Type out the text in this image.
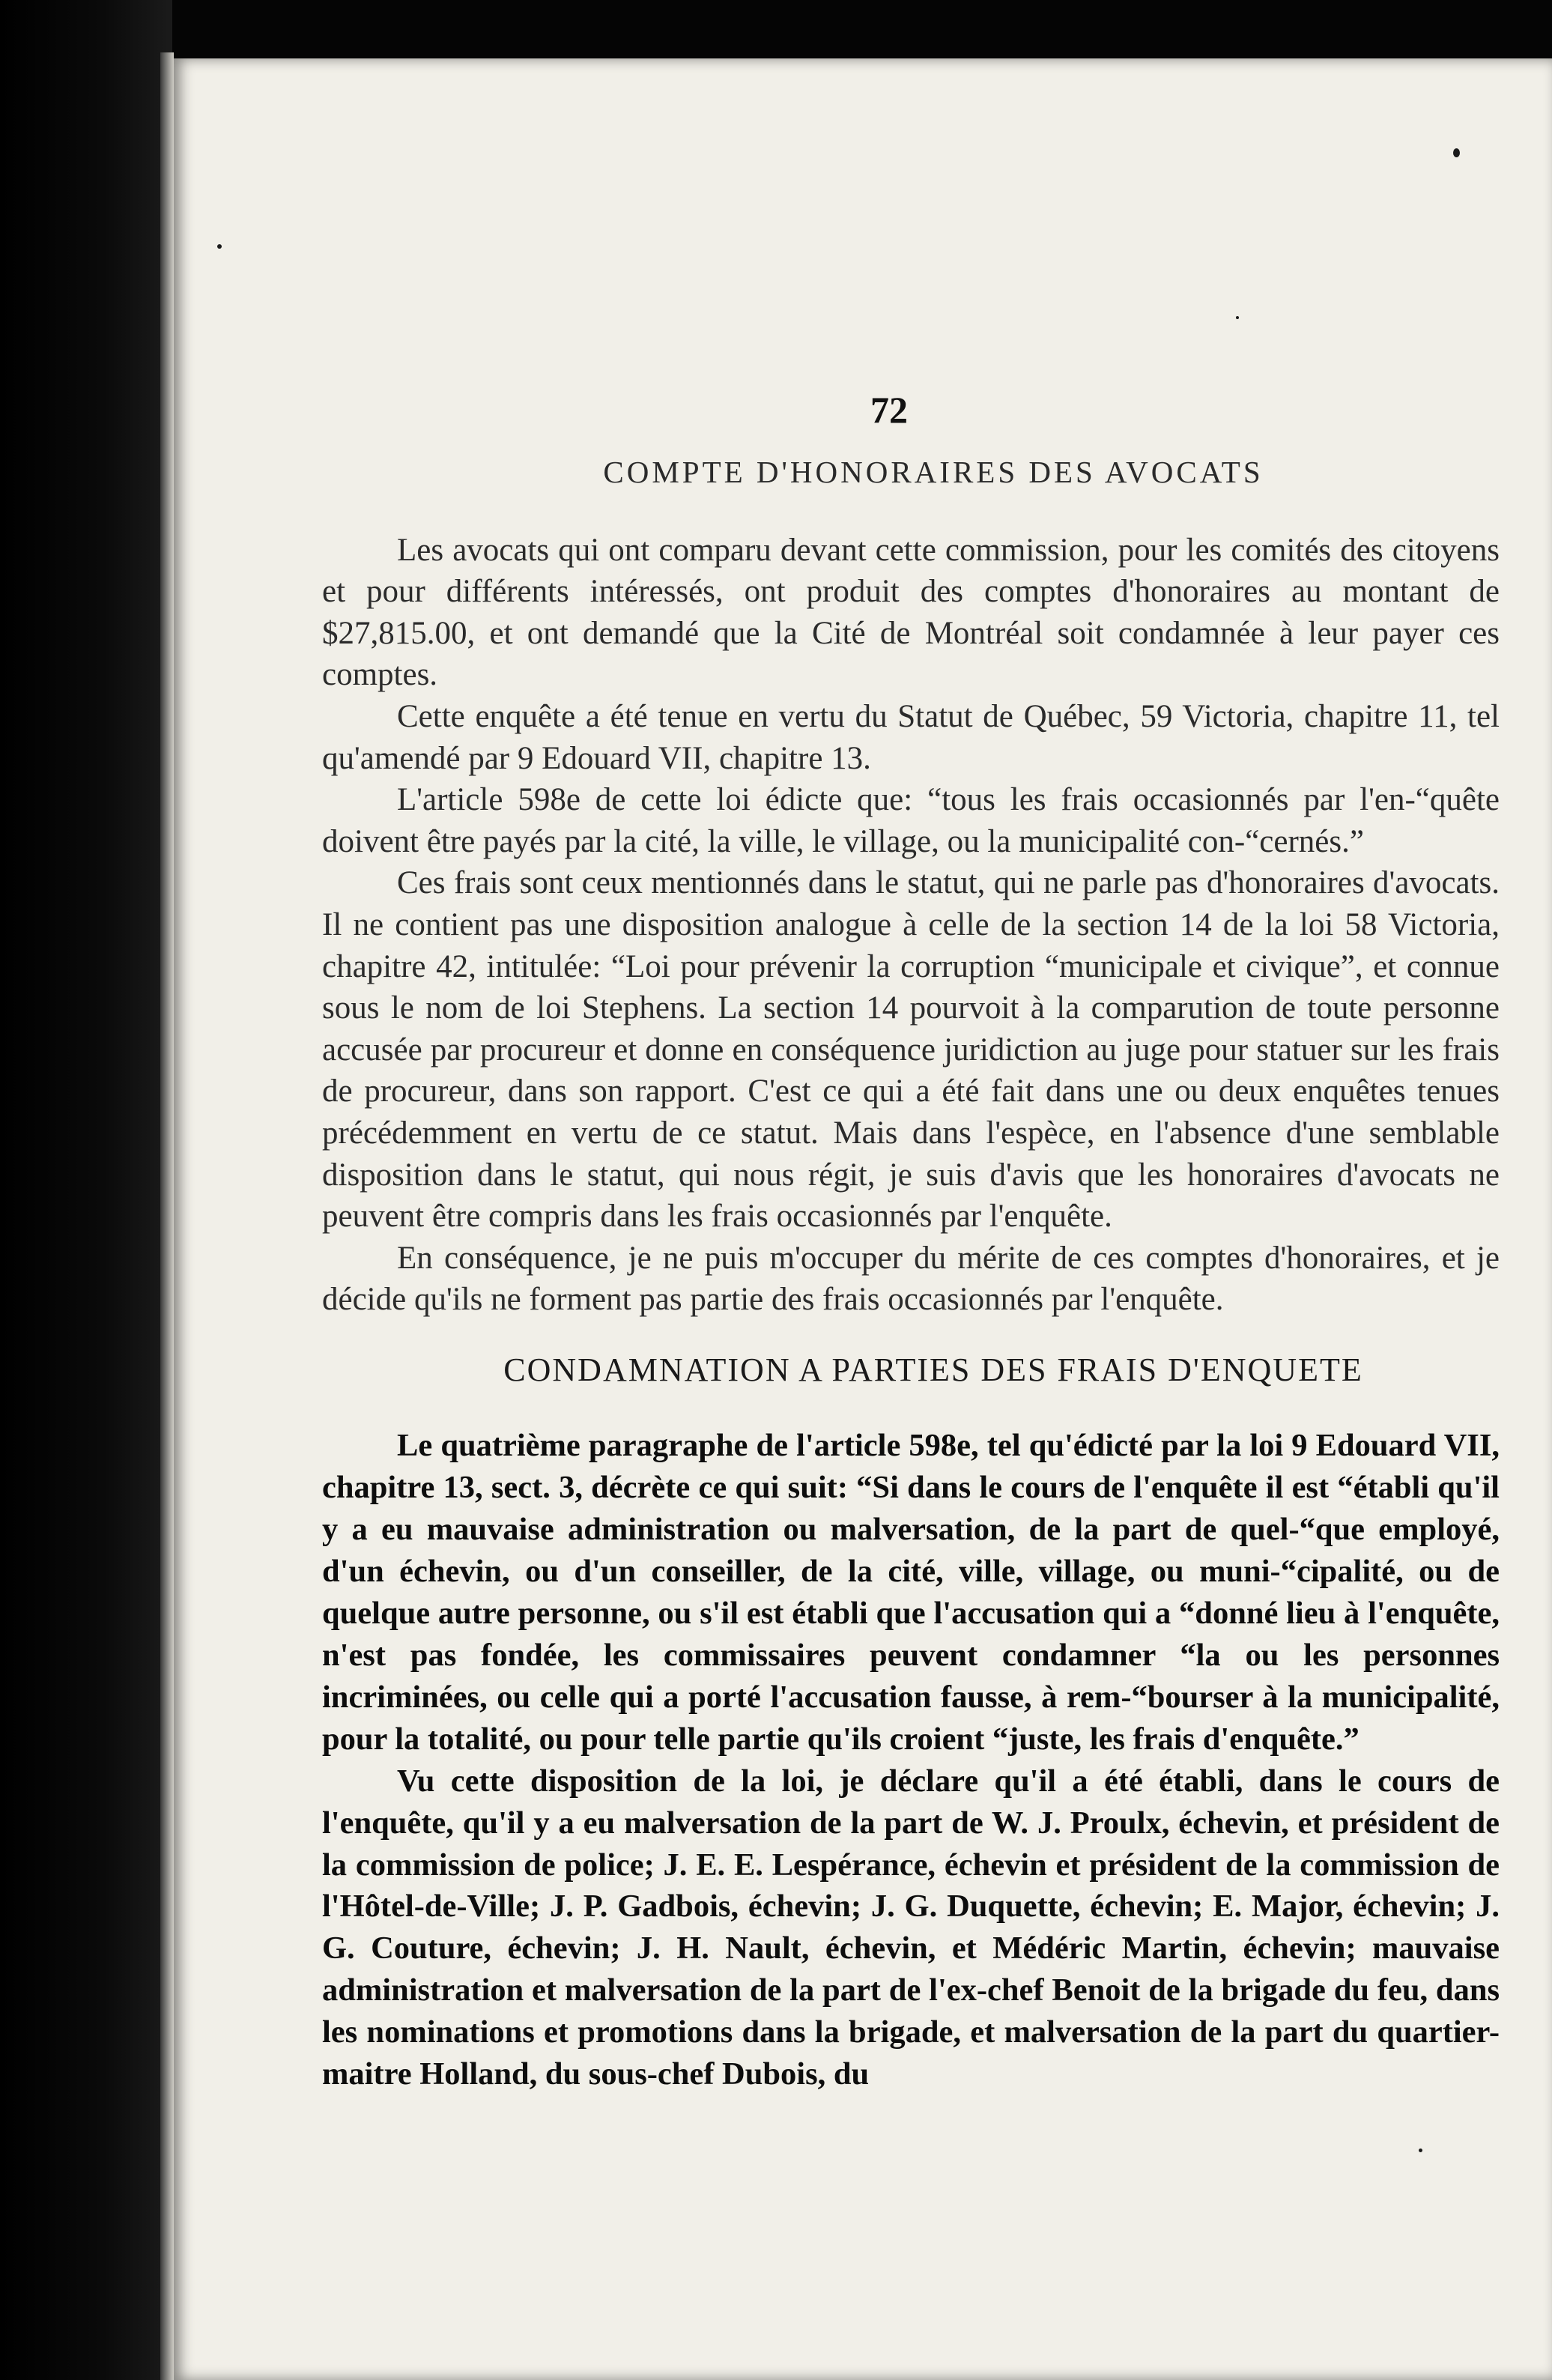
72
COMPTE D'HONORAIRES DES AVOCATS

Les avocats qui ont comparu devant cette commission, pour les comités des citoyens et pour différents intéressés, ont produit des comptes d'honoraires au montant de $27,815.00, et ont demandé que la Cité de Montréal soit condamnée à leur payer ces comptes.

Cette enquête a été tenue en vertu du Statut de Québec, 59 Victoria, chapitre 11, tel qu'amendé par 9 Edouard VII, chapitre 13.

L'article 598e de cette loi édicte que: “tous les frais occasionnés par l'en-“quête doivent être payés par la cité, la ville, le village, ou la municipalité con-“cernés.”

Ces frais sont ceux mentionnés dans le statut, qui ne parle pas d'honoraires d'avocats. Il ne contient pas une disposition analogue à celle de la section 14 de la loi 58 Victoria, chapitre 42, intitulée: “Loi pour prévenir la corruption “municipale et civique”, et connue sous le nom de loi Stephens. La section 14 pourvoit à la comparution de toute personne accusée par procureur et donne en conséquence juridiction au juge pour statuer sur les frais de procureur, dans son rapport. C'est ce qui a été fait dans une ou deux enquêtes tenues précédemment en vertu de ce statut. Mais dans l'espèce, en l'absence d'une semblable disposition dans le statut, qui nous régit, je suis d'avis que les honoraires d'avocats ne peuvent être compris dans les frais occasionnés par l'enquête.

En conséquence, je ne puis m'occuper du mérite de ces comptes d'honoraires, et je décide qu'ils ne forment pas partie des frais occasionnés par l'enquête.

CONDAMNATION A PARTIES DES FRAIS D'ENQUETE

Le quatrième paragraphe de l'article 598e, tel qu'édicté par la loi 9 Edouard VII, chapitre 13, sect. 3, décrète ce qui suit: “Si dans le cours de l'enquête il est “établi qu'il y a eu mauvaise administration ou malversation, de la part de quel-“que employé, d'un échevin, ou d'un conseiller, de la cité, ville, village, ou muni-“cipalité, ou de quelque autre personne, ou s'il est établi que l'accusation qui a “donné lieu à l'enquête, n'est pas fondée, les commissaires peuvent condamner “la ou les personnes incriminées, ou celle qui a porté l'accusation fausse, à rem-“bourser à la municipalité, pour la totalité, ou pour telle partie qu'ils croient “juste, les frais d'enquête.”

Vu cette disposition de la loi, je déclare qu'il a été établi, dans le cours de l'enquête, qu'il y a eu malversation de la part de W. J. Proulx, échevin, et président de la commission de police; J. E. E. Lespérance, échevin et président de la commission de l'Hôtel-de-Ville; J. P. Gadbois, échevin; J. G. Duquette, échevin; E. Major, échevin; J. G. Couture, échevin; J. H. Nault, échevin, et Médéric Martin, échevin; mauvaise administration et malversation de la part de l'ex-chef Benoit de la brigade du feu, dans les nominations et promotions dans la brigade, et malversation de la part du quartier-maitre Holland, du sous-chef Dubois, du
